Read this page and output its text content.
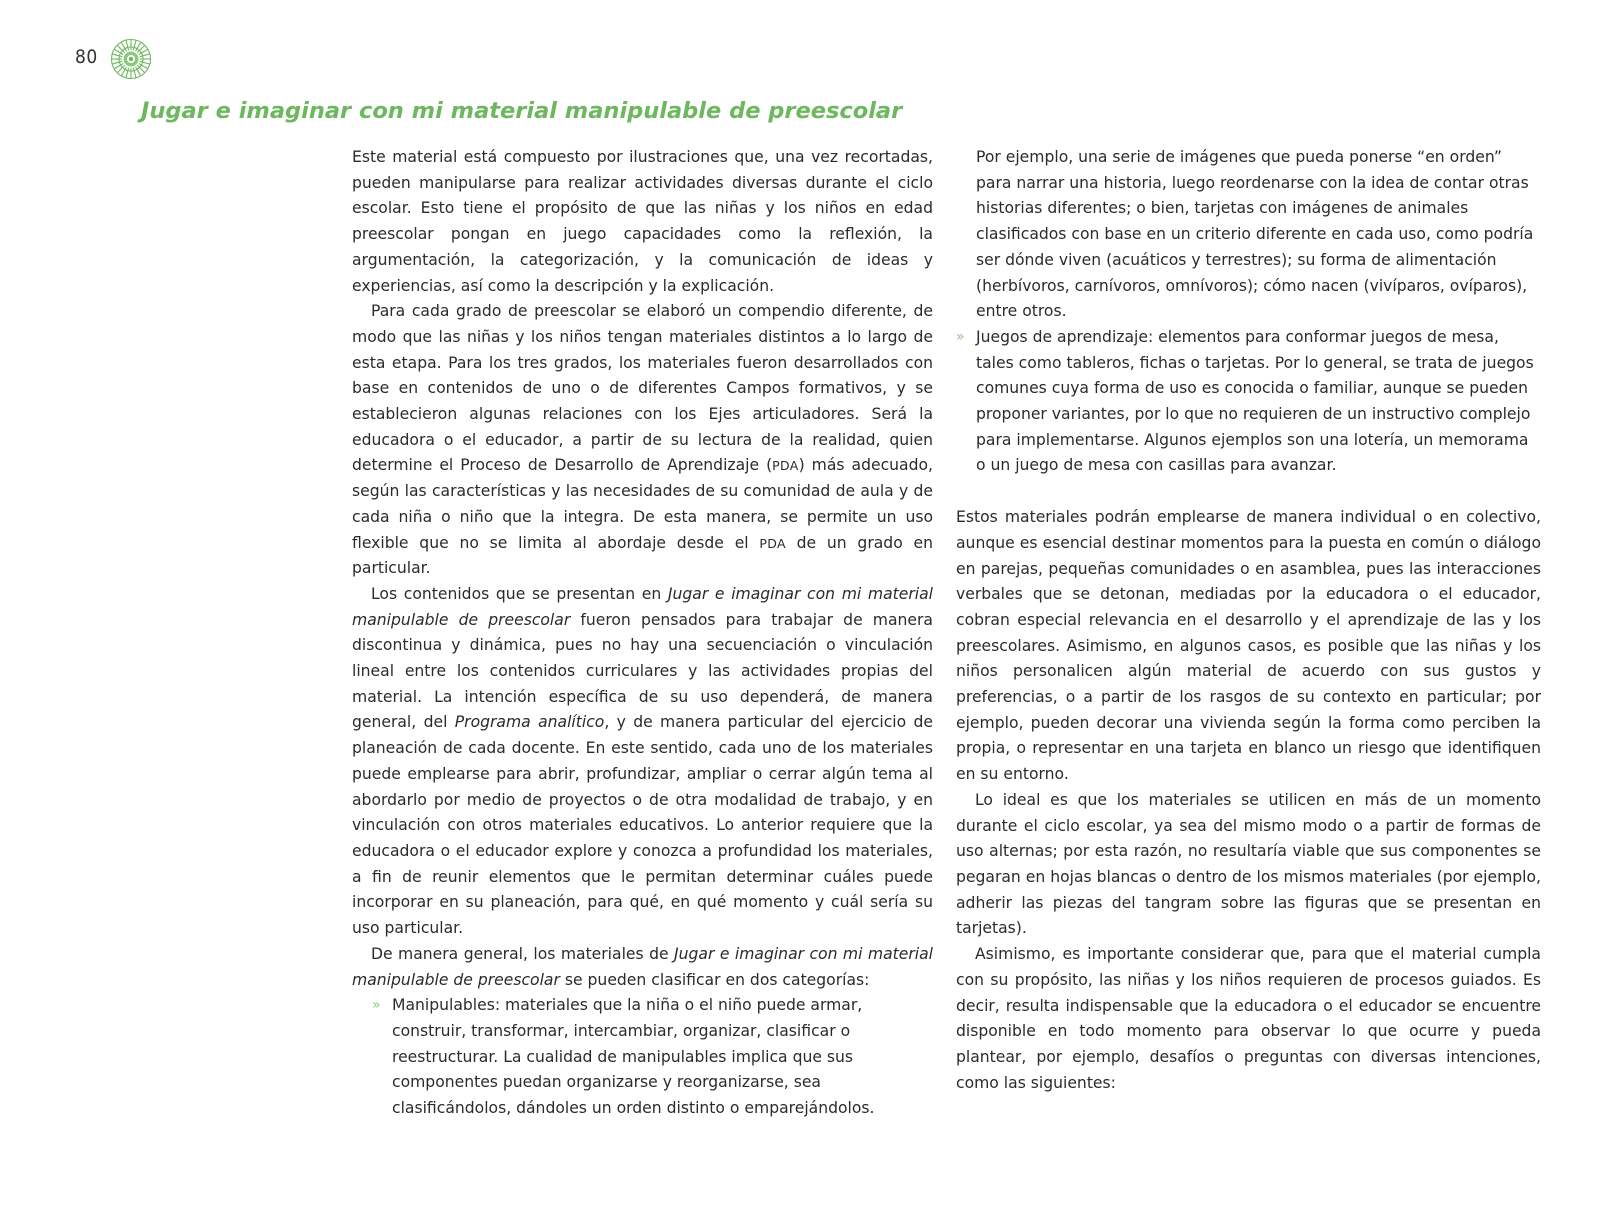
80
Jugar e imaginar con mi material manipulable de preescolar

Este material está compuesto por ilustraciones que, una vez recortadas, pueden manipularse para realizar actividades diversas durante el ciclo escolar. Esto tiene el propósito de que las niñas y los niños en edad preescolar pongan en juego capacidades como la reflexión, la argumentación, la categorización, y la comunicación de ideas y experiencias, así como la descripción y la explicación.

Para cada grado de preescolar se elaboró un compendio diferente, de modo que las niñas y los niños tengan materiales distintos a lo largo de esta etapa. Para los tres grados, los materiales fueron desarrollados con base en contenidos de uno o de diferentes Campos formativos, y se establecieron algunas relaciones con los Ejes articuladores. Será la educadora o el educador, a partir de su lectura de la realidad, quien determine el Proceso de Desarrollo de Aprendizaje (PDA) más adecuado, según las características y las necesidades de su comunidad de aula y de cada niña o niño que la integra. De esta manera, se permite un uso flexible que no se limita al abordaje desde el PDA de un grado en particular.

Los contenidos que se presentan en Jugar e imaginar con mi material manipulable de preescolar fueron pensados para trabajar de manera discontinua y dinámica, pues no hay una secuenciación o vinculación lineal entre los contenidos curriculares y las actividades propias del material. La intención específica de su uso dependerá, de manera general, del Programa analítico, y de manera particular del ejercicio de planeación de cada docente. En este sentido, cada uno de los materiales puede emplearse para abrir, profundizar, ampliar o cerrar algún tema al abordarlo por medio de proyectos o de otra modalidad de trabajo, y en vinculación con otros materiales educativos. Lo anterior requiere que la educadora o el educador explore y conozca a profundidad los materiales, a fin de reunir elementos que le permitan determinar cuáles puede incorporar en su planeación, para qué, en qué momento y cuál sería su uso particular.

De manera general, los materiales de Jugar e imaginar con mi material manipulable de preescolar se pueden clasificar en dos categorías:

» Manipulables: materiales que la niña o el niño puede armar, construir, transformar, intercambiar, organizar, clasificar o reestructurar. La cualidad de manipulables implica que sus componentes puedan organizarse y reorganizarse, sea clasificándolos, dándoles un orden distinto o emparejándolos.
Por ejemplo, una serie de imágenes que pueda ponerse “en orden” para narrar una historia, luego reordenarse con la idea de contar otras historias diferentes; o bien, tarjetas con imágenes de animales clasificados con base en un criterio diferente en cada uso, como podría ser dónde viven (acuáticos y terrestres); su forma de alimentación (herbívoros, carnívoros, omnívoros); cómo nacen (vivíparos, ovíparos), entre otros.
» Juegos de aprendizaje: elementos para conformar juegos de mesa, tales como tableros, fichas o tarjetas. Por lo general, se trata de juegos comunes cuya forma de uso es conocida o familiar, aunque se pueden proponer variantes, por lo que no requieren de un instructivo complejo para implementarse. Algunos ejemplos son una lotería, un memorama o un juego de mesa con casillas para avanzar.

Estos materiales podrán emplearse de manera individual o en colectivo, aunque es esencial destinar momentos para la puesta en común o diálogo en parejas, pequeñas comunidades o en asamblea, pues las interacciones verbales que se detonan, mediadas por la educadora o el educador, cobran especial relevancia en el desarrollo y el aprendizaje de las y los preescolares. Asimismo, en algunos casos, es posible que las niñas y los niños personalicen algún material de acuerdo con sus gustos y preferencias, o a partir de los rasgos de su contexto en particular; por ejemplo, pueden decorar una vivienda según la forma como perciben la propia, o representar en una tarjeta en blanco un riesgo que identifiquen en su entorno.

Lo ideal es que los materiales se utilicen en más de un momento durante el ciclo escolar, ya sea del mismo modo o a partir de formas de uso alternas; por esta razón, no resultaría viable que sus componentes se pegaran en hojas blancas o dentro de los mismos materiales (por ejemplo, adherir las piezas del tangram sobre las figuras que se presentan en tarjetas).

Asimismo, es importante considerar que, para que el material cumpla con su propósito, las niñas y los niños requieren de procesos guiados. Es decir, resulta indispensable que la educadora o el educador se encuentre disponible en todo momento para observar lo que ocurre y pueda plantear, por ejemplo, desafíos o preguntas con diversas intenciones, como las siguientes:
